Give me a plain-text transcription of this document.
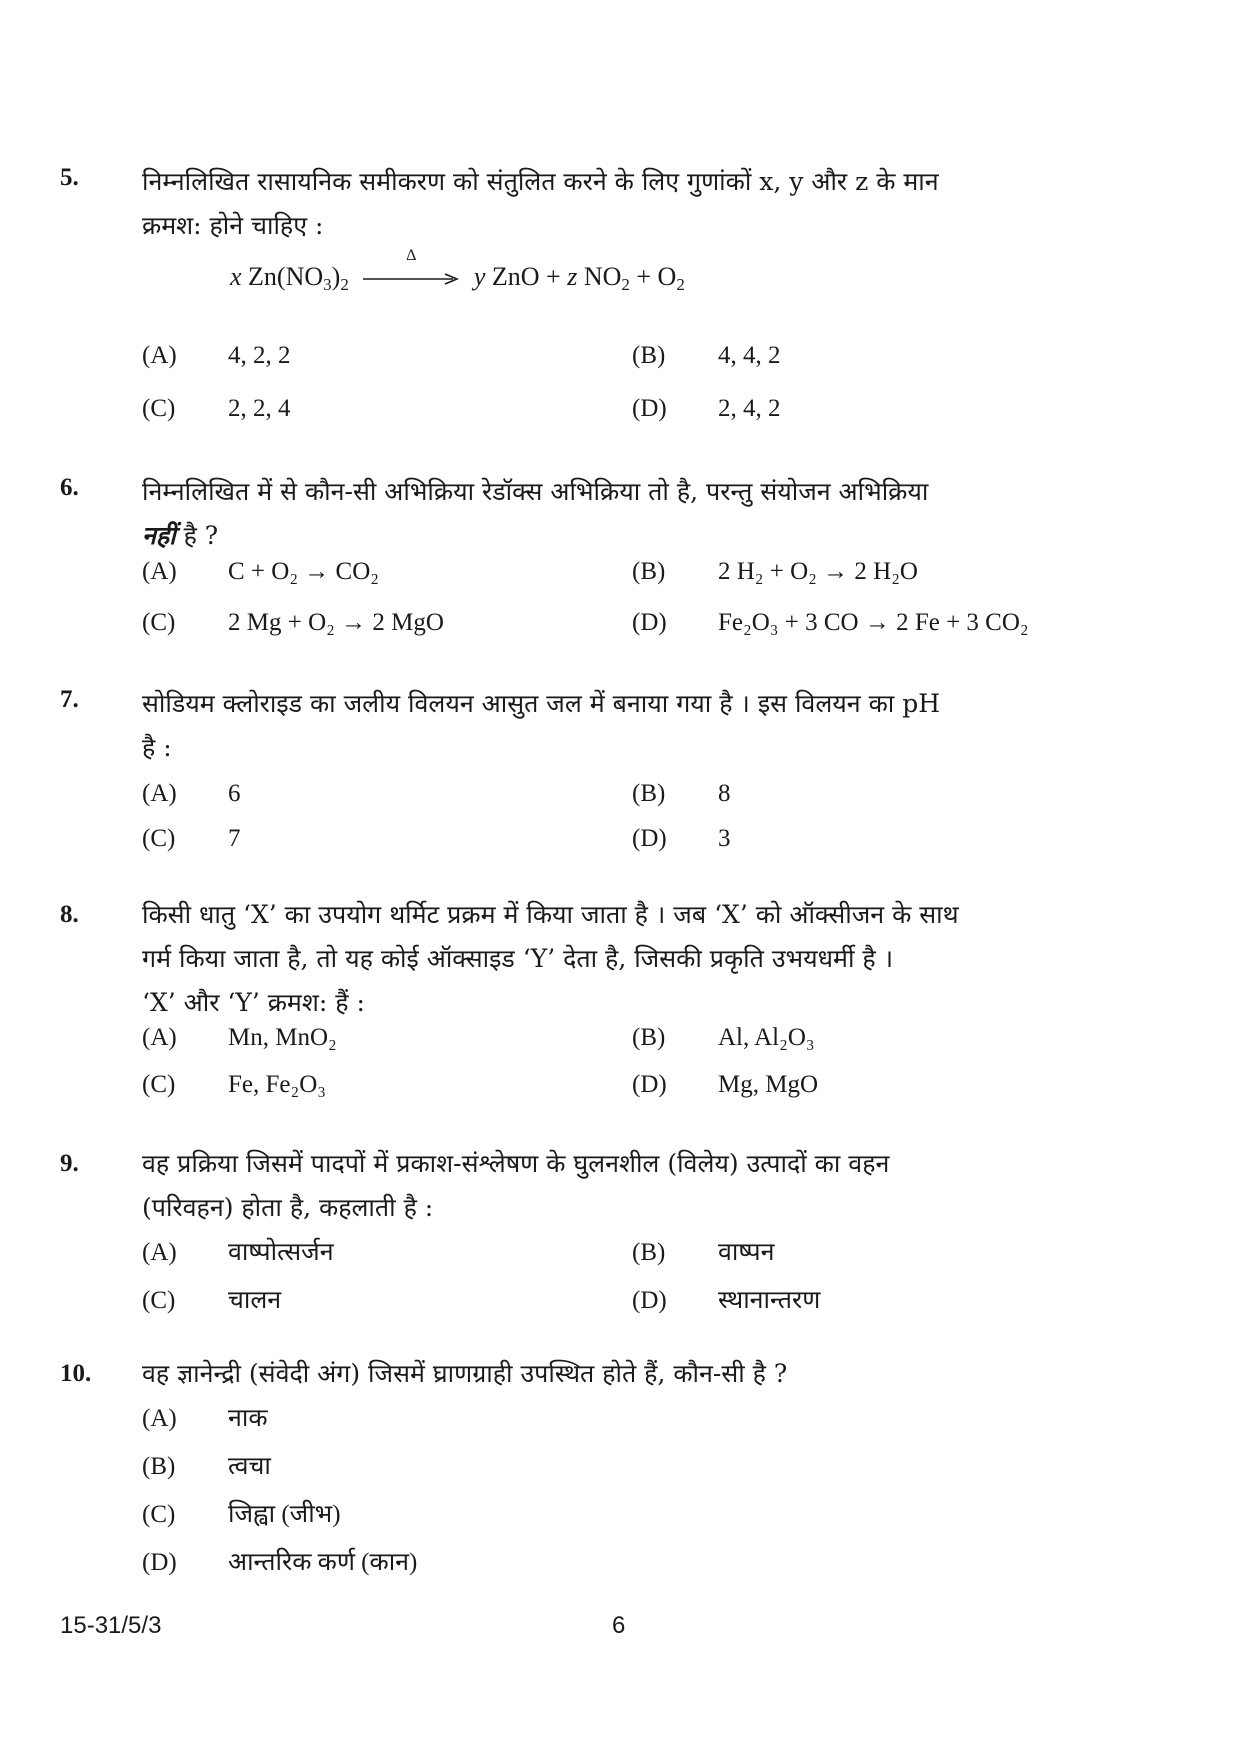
5.	निम्नलिखित रासायनिक समीकरण को संतुलित करने के लिए गुणांकों x, y और z के मान
क्रमश: होने चाहिए :
x $Zn(NO_3)_2$
Δ
y ZnO + z $NO_2 + O_2$
(A) 4, 2, 2	(B) 4, 4, 2
(C) 2, 2, 4	(D) 2, 4, 2
6.	निम्नलिखित में से कौन-सी अभिक्रिया रेडॉक्स अभिक्रिया तो है, परन्तु संयोजन अभिक्रिया
नहीं है ?
(A) C + O₂ → CO₂	(B) 2 H₂ + O₂ → 2 H₂O
(C) 2 Mg + O₂ → 2 MgO	(D) Fe₂O₃ + 3 CO → 2 Fe + 3 CO₂
7.	सोडियम क्लोराइड का जलीय विलयन आसुत जल में बनाया गया है । इस विलयन का pH
है :
(A) 6	(B) 8
(C) 7	(D) 3
8.	किसी धातु ‘X’ का उपयोग थर्मिट प्रक्रम में किया जाता है । जब ‘X’ को ऑक्सीजन के साथ
गर्म किया जाता है, तो यह कोई ऑक्साइड ‘Y’ देता है, जिसकी प्रकृति उभयधर्मी है ।
‘X’ और ‘Y’ क्रमश: हैं :
(A) Mn, MnO₂	(B) Al, Al₂O₃
(C) Fe, Fe₂O₃	(D) Mg, MgO
9.	वह प्रक्रिया जिसमें पादपों में प्रकाश-संश्लेषण के घुलनशील (विलेय) उत्पादों का वहन
(परिवहन) होता है, कहलाती है :
(A) वाष्पोत्सर्जन	(B) वाष्पन
(C) चालन	(D) स्थानान्तरण
10. वह ज्ञानेन्द्री (संवेदी अंग) जिसमें घ्राणग्राही उपस्थित होते हैं, कौन-सी है ?
(A) नाक
(B) त्वचा
(C) जिह्वा (जीभ)
(D) आन्तरिक कर्ण (कान)
15-31/5/3	6
